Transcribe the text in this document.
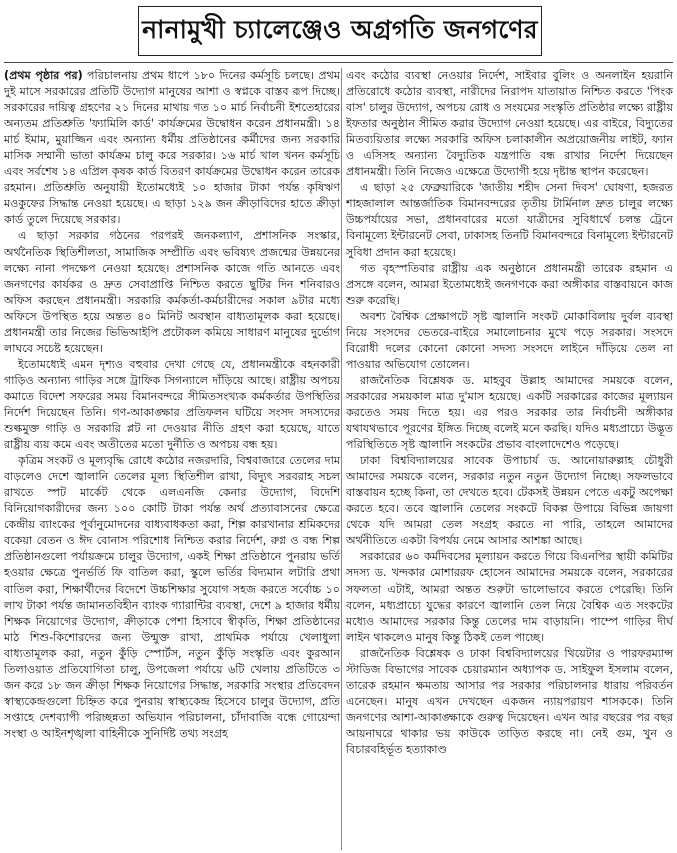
নানামুখী চ্যালেঞ্জেও অগ্রগতি জনগণের

(প্রথম পৃষ্ঠার পর) পরিচালনায় প্রথম ধাপে ১৮০ দিনের কর্মসূচি চলছে। প্রথম দুই মাসে সরকারের প্রতিটি উদ্যোগ মানুষের আশা ও স্বপ্নকে বাস্তব রূপ দিচ্ছে। সরকারের দায়িত্ব গ্রহণের ২১ দিনের মাথায় গত ১০ মার্চ নির্বাচনী ইশতেহারের অন্যতম প্রতিশ্রুতি 'ফ্যামিলি কার্ড' কার্যক্রমের উদ্বোধন করেন প্রধানমন্ত্রী। ১৪ মার্চ ইমাম, মুয়াজ্জিন এবং অন্যান্য ধর্মীয় প্রতিষ্ঠানের কর্মীদের জন্য সরকারি মাসিক সম্মানী ভাতা কার্যক্রম চালু করে সরকার। ১৬ মার্চ খাল খনন কর্মসূচি এবং সর্বশেষ ১৪ এপ্রিল কৃষক কার্ড বিতরণ কার্যক্রমের উদ্বোধন করেন তারেক রহমান। প্রতিশ্রুতি অনুযায়ী ইতোমধ্যেই ১০ হাজার টাকা পর্যন্ত কৃষিঋণ মওকুফের সিদ্ধান্ত নেওয়া হয়েছে। এ ছাড়া ১২৯ জন ক্রীড়াবিদের হাতে ক্রীড়া কার্ড তুলে দিয়েছে সরকার।

এ ছাড়া সরকার গঠনের পরপরই জনকল্যাণ, প্রশাসনিক সংস্কার, অর্থনৈতিক স্থিতিশীলতা, সামাজিক সম্প্রীতি এবং ভবিষ্যৎ প্রজন্মের উন্নয়নের লক্ষ্যে নানা পদক্ষেপ নেওয়া হয়েছে। প্রশাসনিক কাজে গতি আনতে এবং জনগণের কার্যকর ও দ্রুত সেবাপ্রাপ্তি নিশ্চিত করতে ছুটির দিন শনিবারও অফিস করছেন প্রধানমন্ত্রী। সরকারি কর্মকর্তা-কর্মচারীদের সকাল ৯টার মধ্যে অফিসে উপস্থিত হয়ে অন্তত ৪০ মিনিট অবস্থান বাধ্যতামূলক করা হয়েছে। প্রধানমন্ত্রী তার নিজের ভিভিআইপি প্রটোকল কমিয়ে সাধারণ মানুষের দুর্ভোগ লাঘবে সচেষ্ট হয়েছেন।

ইতোমধ্যেই এমন দৃশ্যও বহুবার দেখা গেছে যে, প্রধানমন্ত্রীকে বহনকারী গাড়িও অন্যান্য গাড়ির সঙ্গে ট্রাফিক সিগন্যালে দাঁড়িয়ে আছে। রাষ্ট্রীয় অপচয় কমাতে বিদেশ সফরের সময় বিমানবন্দরে সীমিতসংখ্যক কর্মকর্তার উপস্থিতির নির্দেশ দিয়েছেন তিনি। গণ-আকাঙ্ক্ষার প্রতিফলন ঘটিয়ে সংসদ সদস্যদের শুল্কমুক্ত গাড়ি ও সরকারি প্লট না দেওয়ার নীতি গ্রহণ করা হয়েছে, যাতে রাষ্ট্রীয় ব্যয় কমে এবং অতীতের মতো দুর্নীতি ও অপচয় বন্ধ হয়।

কৃত্রিম সংকট ও মূল্যবৃদ্ধি রোধে কঠোর নজরদারি, বিশ্ববাজারে তেলের দাম বাড়লেও দেশে জ্বালানি তেলের মূল্য স্থিতিশীল রাখা, বিদ্যুৎ সরবরাহ সচল রাখতে স্পট মার্কেট থেকে এলএনজি কেনার উদ্যোগ, বিদেশি বিনিয়োগকারীদের জন্য ১০০ কোটি টাকা পর্যন্ত অর্থ প্রত্যাবাসনের ক্ষেত্রে কেন্দ্রীয় ব্যাংকের পূর্বানুমোদনের বাধ্যবাধকতা করা, শিল্প কারখানার শ্রমিকদের বকেয়া বেতন ও ঈদ বোনাস পরিশোধ নিশ্চিত করার নির্দেশ, রুগ্ন ও বন্ধ শিল্প প্রতিষ্ঠানগুলো পর্যায়ক্রমে চালুর উদ্যোগ, একই শিক্ষা প্রতিষ্ঠানে পুনরায় ভর্তি হওয়ার ক্ষেত্রে পুনর্ভর্তি ফি বাতিল করা, স্কুলে ভর্তির বিদ্যমান লটারি প্রথা বাতিল করা, শিক্ষার্থীদের বিদেশে উচ্চশিক্ষার সুযোগ সহজ করতে সর্বোচ্চ ১০ লাখ টাকা পর্যন্ত জামানতবিহীন ব্যাংক গ্যারান্টির ব্যবস্থা, দেশে ৯ হাজার ধর্মীয় শিক্ষক নিয়োগের উদ্যোগ, ক্রীড়াকে পেশা হিসাবে স্বীকৃতি, শিক্ষা প্রতিষ্ঠানের মাঠ শিশু-কিশোরদের জন্য উন্মুক্ত রাখা, প্রাথমিক পর্যায়ে খেলাধুলা বাধ্যতামূলক করা, নতুন কুঁড়ি স্পোর্টস, নতুন কুঁড়ি সংস্কৃতি এবং কুরআন তিলাওয়াত প্রতিযোগিতা চালু, উপজেলা পর্যায়ে ৬টি খেলায় প্রতিটিতে ৩ জন করে ১৮ জন ক্রীড়া শিক্ষক নিয়োগের সিদ্ধান্ত, সরকারি সংস্থার প্রতিবেদন স্বাস্থ্যকেন্দ্রগুলো চিহ্নিত করে পুনরায় স্বাস্থ্যকেন্দ্র হিসেবে চালুর উদ্যোগ, প্রতি সপ্তাহে দেশব্যাপী পরিচ্ছন্নতা অভিযান পরিচালনা, চাঁদাবাজি বন্ধে গোয়েন্দা সংস্থা ও আইনশৃঙ্খলা বাহিনীকে সুনির্দিষ্ট তথ্য সংগ্রহ

এবং কঠোর ব্যবস্থা নেওয়ার নির্দেশ, সাইবার বুলিং ও অনলাইন হয়রানি প্রতিরোধে কঠোর ব্যবস্থা, নারীদের নিরাপদ যাতায়াত নিশ্চিত করতে 'পিংক বাস' চালুর উদ্যোগ, অপচয় রোধ ও সংযমের সংস্কৃতি প্রতিষ্ঠার লক্ষ্যে রাষ্ট্রীয় ইফতার অনুষ্ঠান সীমিত করার উদ্যোগ নেওয়া হয়েছে। এর বাইরে, বিদ্যুতের মিতব্যয়িতার লক্ষ্যে সরকারি অফিস চলাকালীন অপ্রয়োজনীয় লাইট, ফ্যান ও এসিসহ অন্যান্য বৈদ্যুতিক যন্ত্রপাতি বন্ধ রাখার নির্দেশ দিয়েছেন প্রধানমন্ত্রী। তিনি নিজেও এক্ষেত্রে উদ্যোগী হয়ে দৃষ্টান্ত স্থাপন করেছেন।

এ ছাড়া ২৫ ফেব্রুয়ারিকে 'জাতীয় শহীদ সেনা দিবস' ঘোষণা, হজরত শাহজালাল আন্তর্জাতিক বিমানবন্দরের তৃতীয় টার্মিনাল দ্রুত চালুর লক্ষ্যে উচ্চপর্যায়ের সভা, প্রধানবারের মতো যাত্রীদের সুবিধার্থে চলন্ত ট্রেনে বিনামূল্যে ইন্টারনেট সেবা, ঢাকাসহ তিনটি বিমানবন্দরে বিনামূল্যে ইন্টারনেট সুবিধা প্রদান করা হয়েছে।

গত বৃহস্পতিবার রাষ্ট্রীয় এক অনুষ্ঠানে প্রধানমন্ত্রী তারেক রহমান এ প্রসঙ্গে বলেন, আমরা ইতোমধ্যেই জনগণকে করা অঙ্গীকার বাস্তবায়নে কাজ শুরু করেছি।

অবশ্য বৈশ্বিক প্রেক্ষাপটে সৃষ্ট জ্বালানি সংকট মোকাবিলায় দুর্বল ব্যবস্থা নিয়ে সংসদের ভেতরে-বাইরে সমালোচনার মুখে পড়ে সরকার। সংসদে বিরোধী দলের কোনো কোনো সদস্য সংসদে লাইনে দাঁড়িয়ে তেল না পাওয়ার অভিযোগ তোলেন।

রাজনৈতিক বিশ্লেষক ড. মাহবুব উল্লাহ আমাদের সময়কে বলেন, সরকারের সময়কাল মাত্র দু'মাস হয়েছে। একটি সরকারের কাজের মূল্যায়ন করতেও সময় দিতে হয়। এর পরও সরকার তার নির্বাচনী অঙ্গীকার যথাযথভাবে পূরণের ইঙ্গিত দিচ্ছে বলেই মনে করছি। যদিও মধ্যপ্রাচ্যে উদ্ভূত পরিস্থিতিতে সৃষ্ট জ্বালানি সংকটের প্রভাব বাংলাদেশেও পড়েছে।

ঢাকা বিশ্ববিদ্যালয়ের সাবেক উপাচার্য ড. আনোয়ারুল্লাহ চৌধুরী আমাদের সময়কে বলেন, সরকার নতুন নতুন উদ্যোগ নিচ্ছে। সফলভাবে বাস্তবায়ন হচ্ছে কিনা, তা দেখতে হবে। টেকসই উন্নয়ন পেতে একটু অপেক্ষা করতে হবে। তবে জ্বালানি তেলের সংকটে বিকল্প উপায়ে বিভিন্ন জায়গা থেকে যদি আমরা তেল সংগ্রহ করতে না পারি, তাহলে আমাদের অর্থনীতিতে একটা বিপর্যয় নেমে আসার আশঙ্কা আছে।

সরকারের ৬০ কর্মদিবসের মূল্যায়ন করতে গিয়ে বিএনপির স্থায়ী কমিটির সদস্য ড. খন্দকার মোশাররফ হোসেন আমাদের সময়কে বলেন, সরকারের সফলতা এটাই, আমরা অন্তত শুরুটা ভালোভাবে করতে পেরেছি। তিনি বলেন, মধ্যপ্রাচ্যে যুদ্ধের কারণে জ্বালানি তেল নিয়ে বৈশ্বিক এত সংকটের মধ্যেও আমাদের সরকার কিন্তু তেলের দাম বাড়ায়নি। পাম্পে গাড়ির দীর্ঘ লাইন থাকলেও মানুষ কিন্তু ঠিকই তেল পাচ্ছে।

রাজনৈতিক বিশ্লেষক ও ঢাকা বিশ্ববিদ্যালয়ের থিয়েটার ও পারফরম্যান্স স্টাডিজ বিভাগের সাবেক চেয়ারম্যান অধ্যাপক ড. সাইফুল ইসলাম বলেন, তারেক রহমান ক্ষমতায় আসার পর সরকার পরিচালনার ধারায় পরিবর্তন এনেছেন। মানুষ এখন দেখছেন একজন ন্যায়পরায়ণ শাসককে। তিনি জনগণের আশা-আকাঙ্ক্ষাকে গুরুত্ব দিয়েছেন। এখন আর বছরের পর বছর আয়নাঘরে থাকার ভয় কাউকে তাড়িত করছে না। নেই গুম, খুন ও বিচারবহির্ভূত হত্যাকাণ্ড
